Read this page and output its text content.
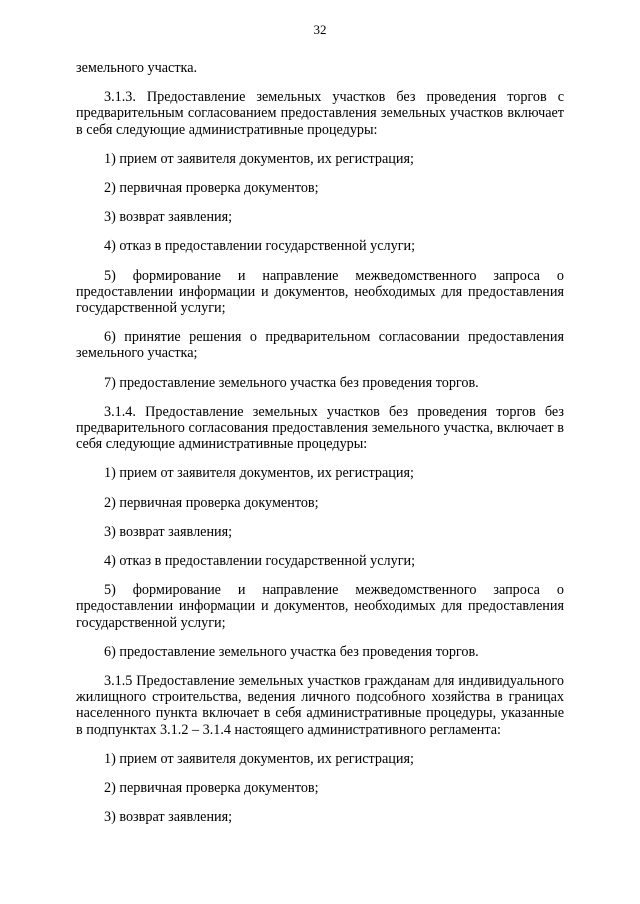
32

земельного участка.

3.1.3. Предоставление земельных участков без проведения торгов с предварительным согласованием предоставления земельных участков включает в себя следующие административные процедуры:

1) прием от заявителя документов, их регистрация;

2) первичная проверка документов;

3) возврат заявления;

4) отказ в предоставлении государственной услуги;

5) формирование и направление межведомственного запроса о предоставлении информации и документов, необходимых для предоставления государственной услуги;

6) принятие решения о предварительном согласовании предоставления земельного участка;

7) предоставление земельного участка без проведения торгов.

3.1.4. Предоставление земельных участков без проведения торгов без предварительного согласования предоставления земельного участка, включает в себя следующие административные процедуры:

1) прием от заявителя документов, их регистрация;

2) первичная проверка документов;

3) возврат заявления;

4) отказ в предоставлении государственной услуги;

5) формирование и направление межведомственного запроса о предоставлении информации и документов, необходимых для предоставления государственной услуги;

6) предоставление земельного участка без проведения торгов.

3.1.5 Предоставление земельных участков гражданам для индивидуального жилищного строительства, ведения личного подсобного хозяйства в границах населенного пункта включает в себя административные процедуры, указанные в подпунктах 3.1.2 – 3.1.4 настоящего административного регламента:

1) прием от заявителя документов, их регистрация;

2) первичная проверка документов;

3) возврат заявления;
